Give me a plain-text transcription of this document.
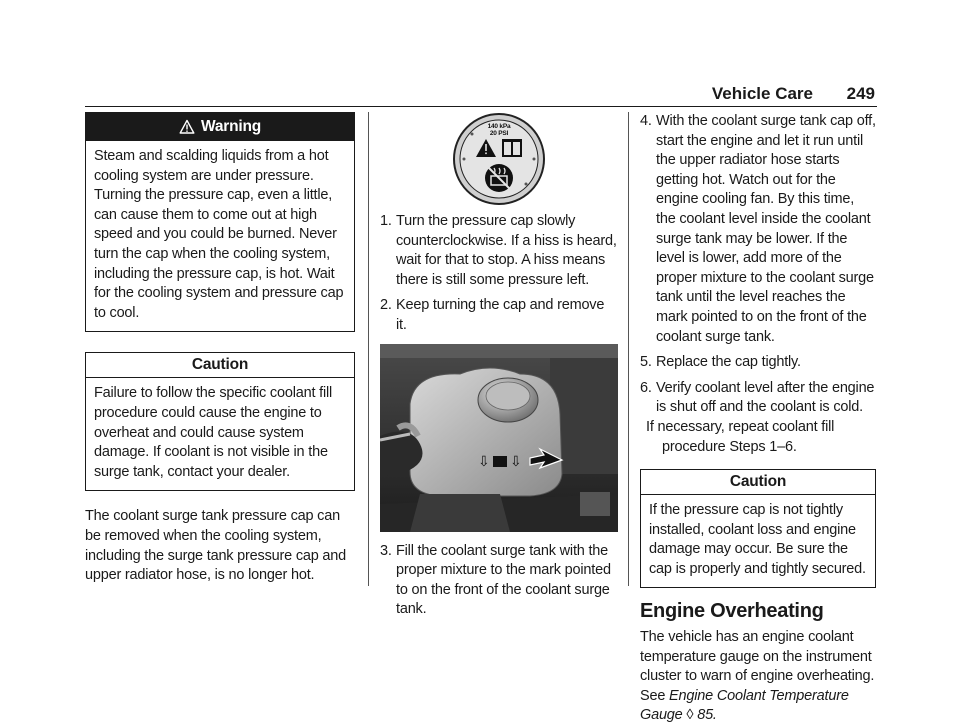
Vehicle Care 249
Warning

Steam and scalding liquids from a hot cooling system are under pressure. Turning the pressure cap, even a little, can cause them to come out at high speed and you could be burned. Never turn the cap when the cooling system, including the pressure cap, is hot. Wait for the cooling system and pressure cap to cool.

Caution

Failure to follow the specific coolant fill procedure could cause the engine to overheat and could cause system damage. If coolant is not visible in the surge tank, contact your dealer.

The coolant surge tank pressure cap can be removed when the cooling system, including the surge tank pressure cap and upper radiator hose, is no longer hot.

140 kPa
20 PSI
1. Turn the pressure cap slowly counterclockwise. If a hiss is heard, wait for that to stop. A hiss means there is still some pressure left.
2. Keep turning the cap and remove it.
⇩ ⇩
3. Fill the coolant surge tank with the proper mixture to the mark pointed to on the front of the coolant surge tank.
4. With the coolant surge tank cap off, start the engine and let it run until the upper radiator hose starts getting hot. Watch out for the engine cooling fan. By this time, the coolant level inside the coolant surge tank may be lower. If the level is lower, add more of the proper mixture to the coolant surge tank until the level reaches the mark pointed to on the front of the coolant surge tank.
5. Replace the cap tightly.
6. Verify coolant level after the engine is shut off and the coolant is cold.
If necessary, repeat coolant fill procedure Steps 1–6.
Caution

If the pressure cap is not tightly installed, coolant loss and engine damage may occur. Be sure the cap is properly and tightly secured.

Engine Overheating

The vehicle has an engine coolant temperature gauge on the instrument cluster to warn of engine overheating. See Engine Coolant Temperature Gauge ◊ 85.
